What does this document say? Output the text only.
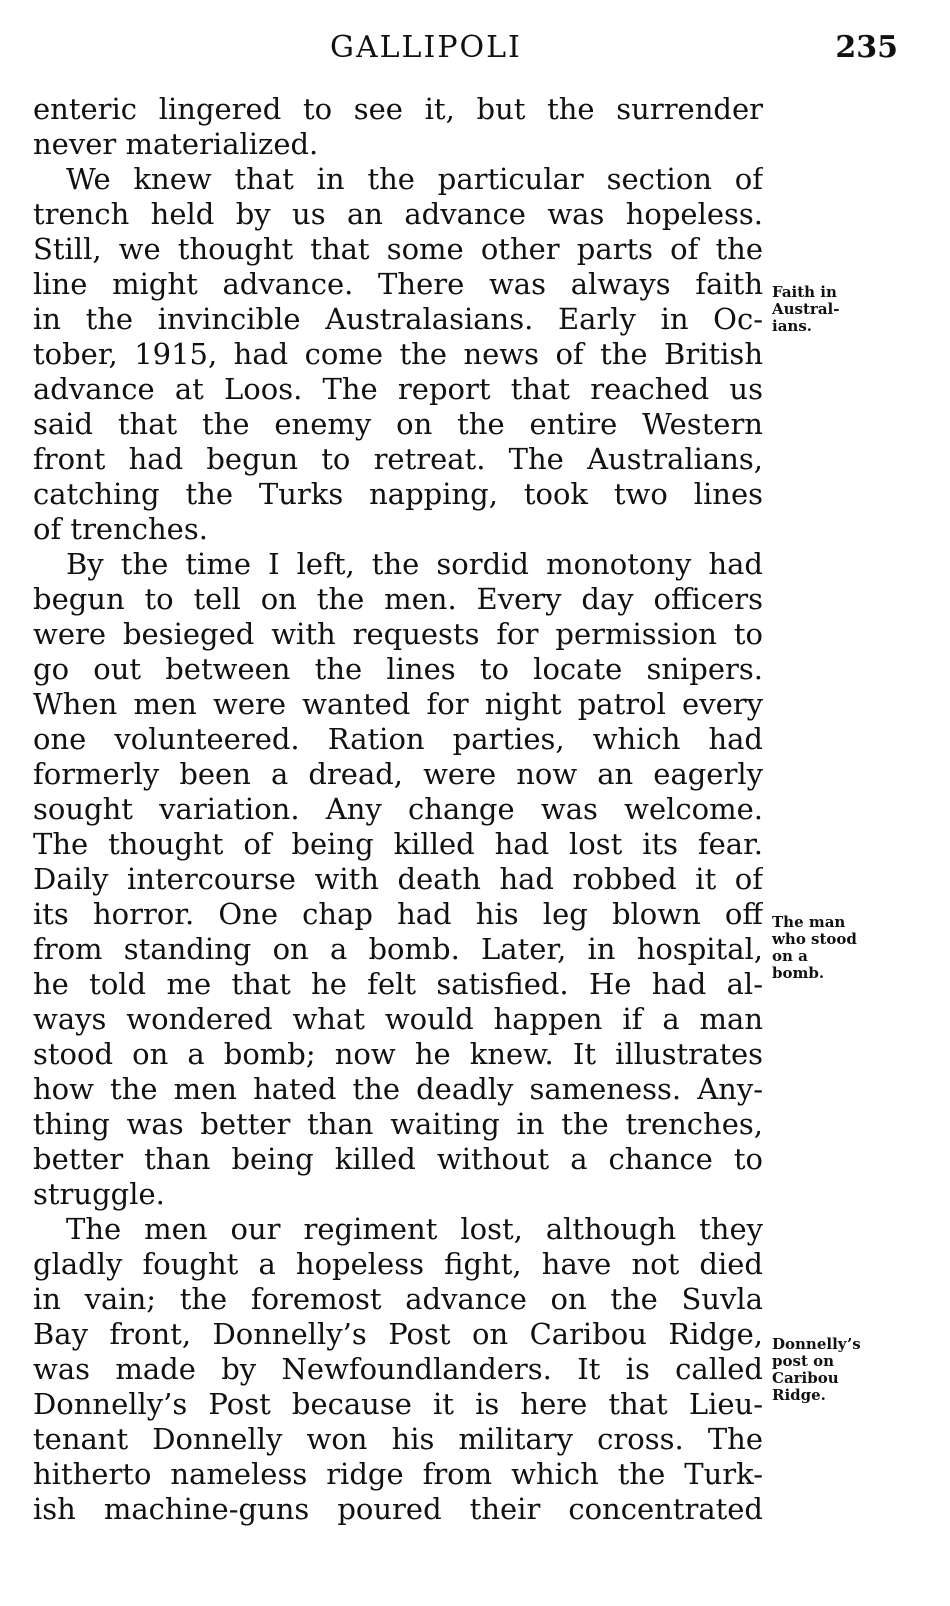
GALLIPOLI	235
enteric lingered to see it, but the surrender
never materialized.
We knew that in the particular section of
trench held by us an advance was hopeless.
Still, we thought that some other parts of the
line might advance. There was always faith
in the invincible Australasians. Early in Oc-
tober, 1915, had come the news of the British
advance at Loos. The report that reached us
said that the enemy on the entire Western
front had begun to retreat. The Australians,
catching the Turks napping, took two lines
of trenches.
By the time I left, the sordid monotony had
begun to tell on the men. Every day officers
were besieged with requests for permission to
go out between the lines to locate snipers.
When men were wanted for night patrol every
one volunteered. Ration parties, which had
formerly been a dread, were now an eagerly
sought variation. Any change was welcome.
The thought of being killed had lost its fear.
Daily intercourse with death had robbed it of
its horror. One chap had his leg blown off
from standing on a bomb. Later, in hospital,
he told me that he felt satisfied. He had al-
ways wondered what would happen if a man
stood on a bomb; now he knew. It illustrates
how the men hated the deadly sameness. Any-
thing was better than waiting in the trenches,
better than being killed without a chance to
struggle.
The men our regiment lost, although they
gladly fought a hopeless fight, have not died
in vain; the foremost advance on the Suvla
Bay front, Donnelly’s Post on Caribou Ridge,
was made by Newfoundlanders. It is called
Donnelly’s Post because it is here that Lieu-
tenant Donnelly won his military cross. The
hitherto nameless ridge from which the Turk-
ish machine-guns poured their concentrated
Faith in
Austral-
ians.
The man
who stood
on a
bomb.
Donnelly’s
post on
Caribou
Ridge.
